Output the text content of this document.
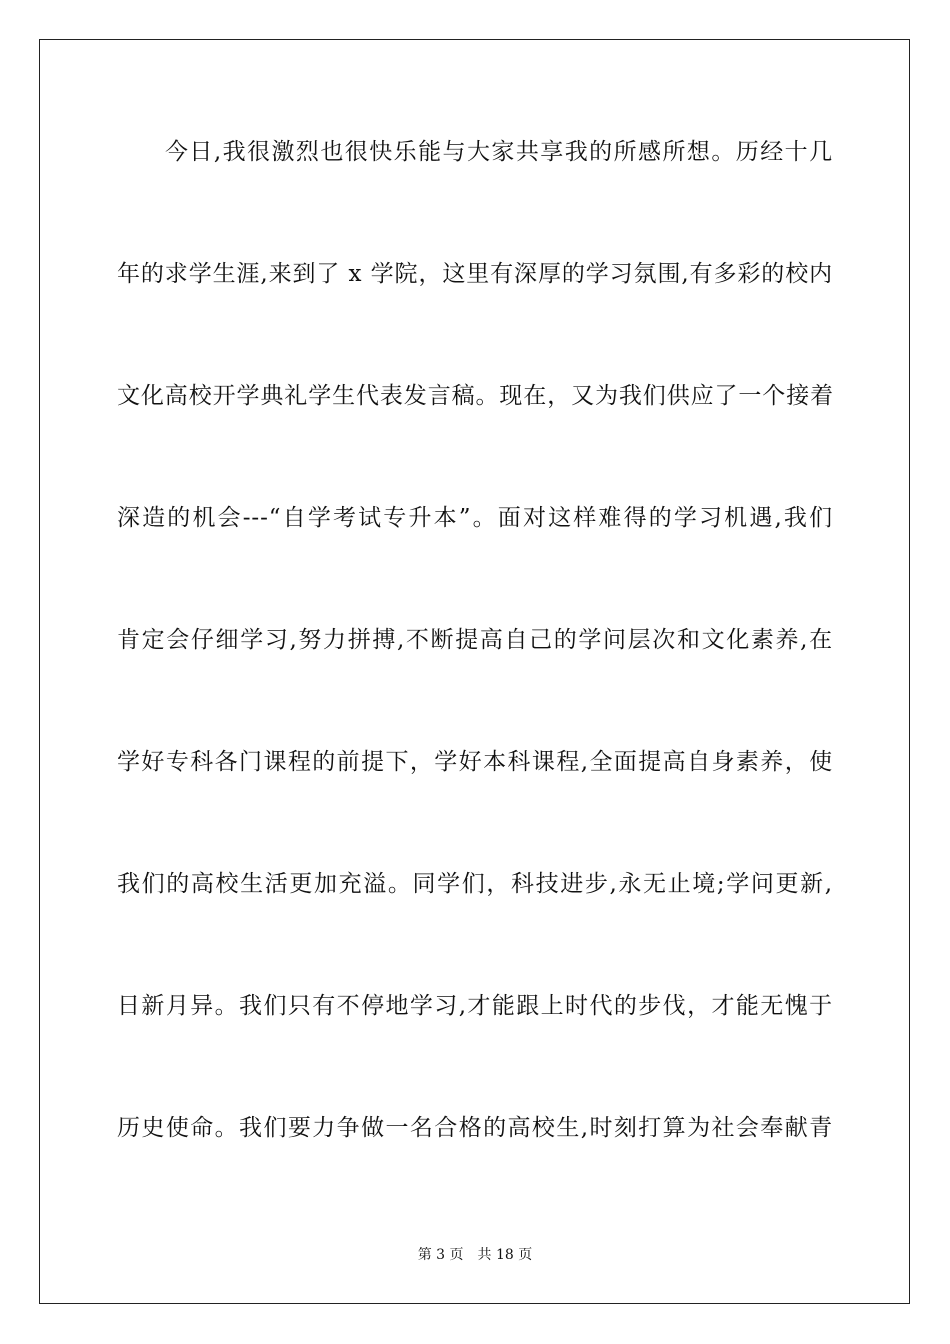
今日,我很激烈也很快乐能与大家共享我的所感所想。历经十几
年的求学生涯,来到了 x 学院，这里有深厚的学习氛围,有多彩的校内
文化高校开学典礼学生代表发言稿。现在，又为我们供应了一个接着
深造的机会---“自学考试专升本”。面对这样难得的学习机遇,我们
肯定会仔细学习,努力拼搏,不断提高自己的学问层次和文化素养,在
学好专科各门课程的前提下，学好本科课程,全面提高自身素养，使
我们的高校生活更加充溢。同学们，科技进步,永无止境;学问更新,
日新月异。我们只有不停地学习,才能跟上时代的步伐，才能无愧于
历史使命。我们要力争做一名合格的高校生,时刻打算为社会奉献青
第 3 页 共 18 页
